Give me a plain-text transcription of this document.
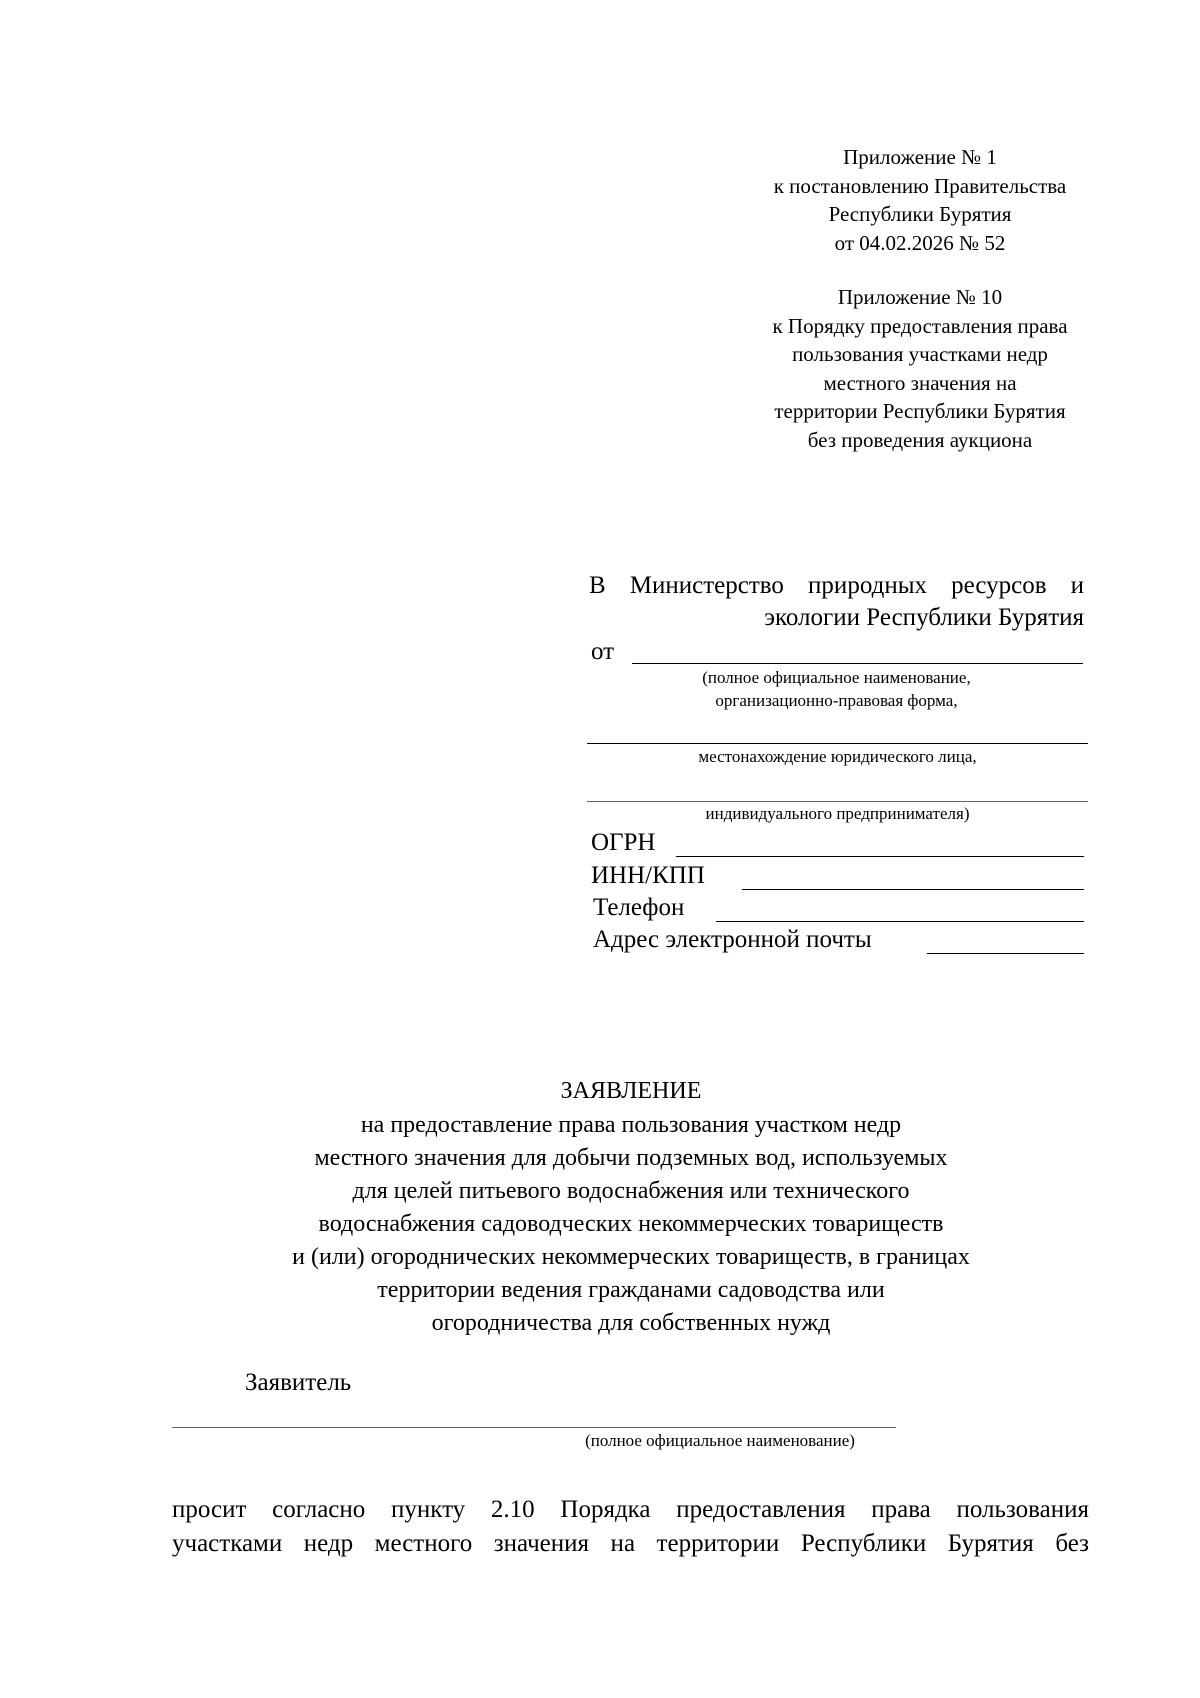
Приложение № 1
к постановлению Правительства
Республики Бурятия
от 04.02.2026 № 52
Приложение № 10
к Порядку предоставления права
пользования участками недр
местного значения на
территории Республики Бурятия
без проведения аукциона
В Министерство природных ресурсов и
экологии Республики Бурятия
от
(полное официальное наименование,
организационно-правовая форма,
местонахождение юридического лица,
индивидуального предпринимателя)
ОГРН
ИНН/КПП
Телефон
Адрес электронной почты
ЗАЯВЛЕНИЕ
на предоставление права пользования участком недр
местного значения для добычи подземных вод, используемых
для целей питьевого водоснабжения или технического
водоснабжения садоводческих некоммерческих товариществ
и (или) огороднических некоммерческих товариществ, в границах
территории ведения гражданами садоводства или
огородничества для собственных нужд
Заявитель
(полное официальное наименование)
просит согласно пункту 2.10 Порядка предоставления права пользования
участками недр местного значения на территории Республики Бурятия без
